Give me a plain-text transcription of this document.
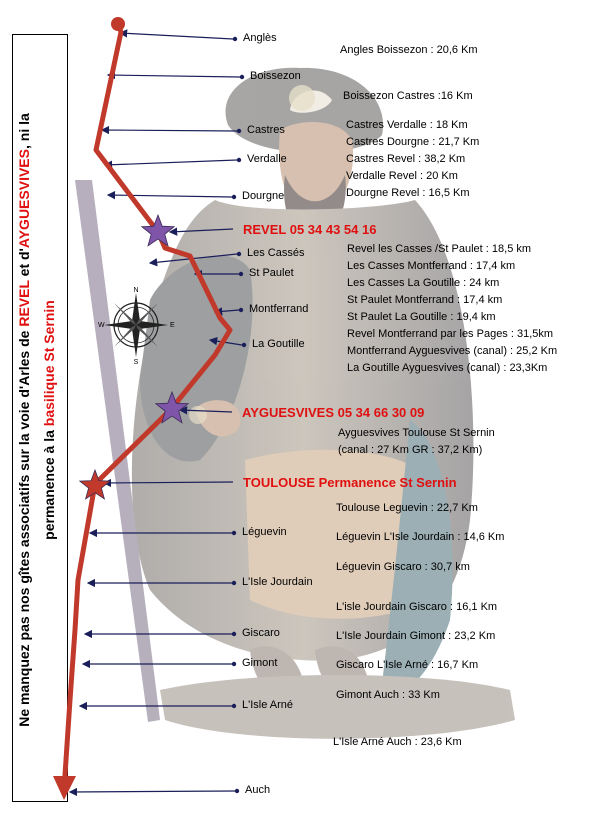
Ne manquez pas nos gîtes associatifs sur la voie d'Arles de REVEL et d'AYGUESVIVES, ni la
permanence à la basilique St Sernin
N
S
W	E
Anglès
Boissezon
Castres
Verdalle
Dourgne
Les Cassés
St Paulet
Montferrand
La Goutille
Léguevin
L'Isle Jourdain
Giscaro
Gimont
L'Isle Arné
Auch
REVEL 05 34 43 54 16
AYGUESVIVES 05 34 66 30 09
TOULOUSE Permanence St Sernin
Angles Boissezon : 20,6 Km
Boissezon Castres :16 Km
Castres Verdalle : 18 Km
Castres Dourgne : 21,7 Km
Castres Revel : 38,2 Km
Verdalle Revel : 20 Km
Dourgne Revel : 16,5 Km
Revel les Casses /St Paulet : 18,5 km
Les Casses Montferrand : 17,4 km
Les Casses La Goutille : 24 km
St Paulet Montferrand : 17,4 km
St Paulet La Goutille : 19,4 km
Revel Montferrand par les Pages : 31,5km
Montferrand Ayguesvives (canal) : 25,2 Km
La Goutille Ayguesvives (canal) : 23,3Km
Ayguesvives Toulouse St Sernin
(canal : 27 Km GR : 37,2 Km)
Toulouse Leguevin : 22,7 Km
Léguevin L'Isle Jourdain : 14,6 Km
Léguevin Giscaro : 30,7 km
L'isle Jourdain Giscaro : 16,1 Km
L'Isle Jourdain Gimont : 23,2 Km
Giscaro L'Isle Arné : 16,7 Km
Gimont Auch : 33 Km
L'Isle Arné Auch : 23,6 Km
